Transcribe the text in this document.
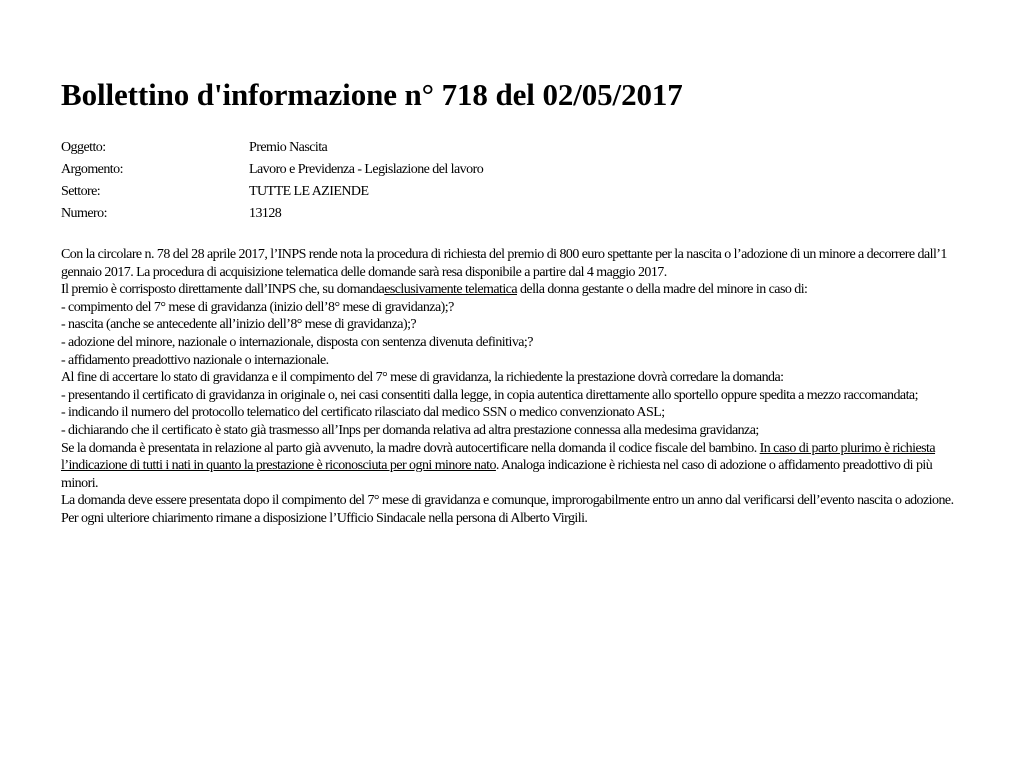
Bollettino d'informazione n° 718 del 02/05/2017
Oggetto:	Premio Nascita
Argomento:	Lavoro e Previdenza - Legislazione del lavoro
Settore:	TUTTE LE AZIENDE
Numero:	13128
Con la circolare n. 78 del 28 aprile 2017, l’INPS rende nota la procedura di richiesta del premio di 800 euro spettante per la nascita o l’adozione di un minore a decorrere dall’1 gennaio 2017. La procedura di acquisizione telematica delle domande sarà resa disponibile a partire dal 4 maggio 2017.
Il premio è corrisposto direttamente dall’INPS che, su domandaesclusivamente telematica della donna gestante o della madre del minore in caso di:
- compimento del 7° mese di gravidanza (inizio dell’8° mese di gravidanza);?
- nascita (anche se antecedente all’inizio dell’8° mese di gravidanza);?
- adozione del minore, nazionale o internazionale, disposta con sentenza divenuta definitiva;?
- affidamento preadottivo nazionale o internazionale.
Al fine di accertare lo stato di gravidanza e il compimento del 7° mese di gravidanza, la richiedente la prestazione dovrà corredare la domanda:
- presentando il certificato di gravidanza in originale o, nei casi consentiti dalla legge, in copia autentica direttamente allo sportello oppure spedita a mezzo raccomandata;
- indicando il numero del protocollo telematico del certificato rilasciato dal medico SSN o medico convenzionato ASL;
- dichiarando che il certificato è stato già trasmesso all’Inps per domanda relativa ad altra prestazione connessa alla medesima gravidanza;
Se la domanda è presentata in relazione al parto già avvenuto, la madre dovrà autocertificare nella domanda il codice fiscale del bambino. In caso di parto plurimo è richiesta l’indicazione di tutti i nati in quanto la prestazione è riconosciuta per ogni minore nato. Analoga indicazione è richiesta nel caso di adozione o affidamento preadottivo di più minori.
La domanda deve essere presentata dopo il compimento del 7° mese di gravidanza e comunque, improrogabilmente entro un anno dal verificarsi dell’evento nascita o adozione.
Per ogni ulteriore chiarimento rimane a disposizione l’Ufficio Sindacale nella persona di Alberto Virgili.
